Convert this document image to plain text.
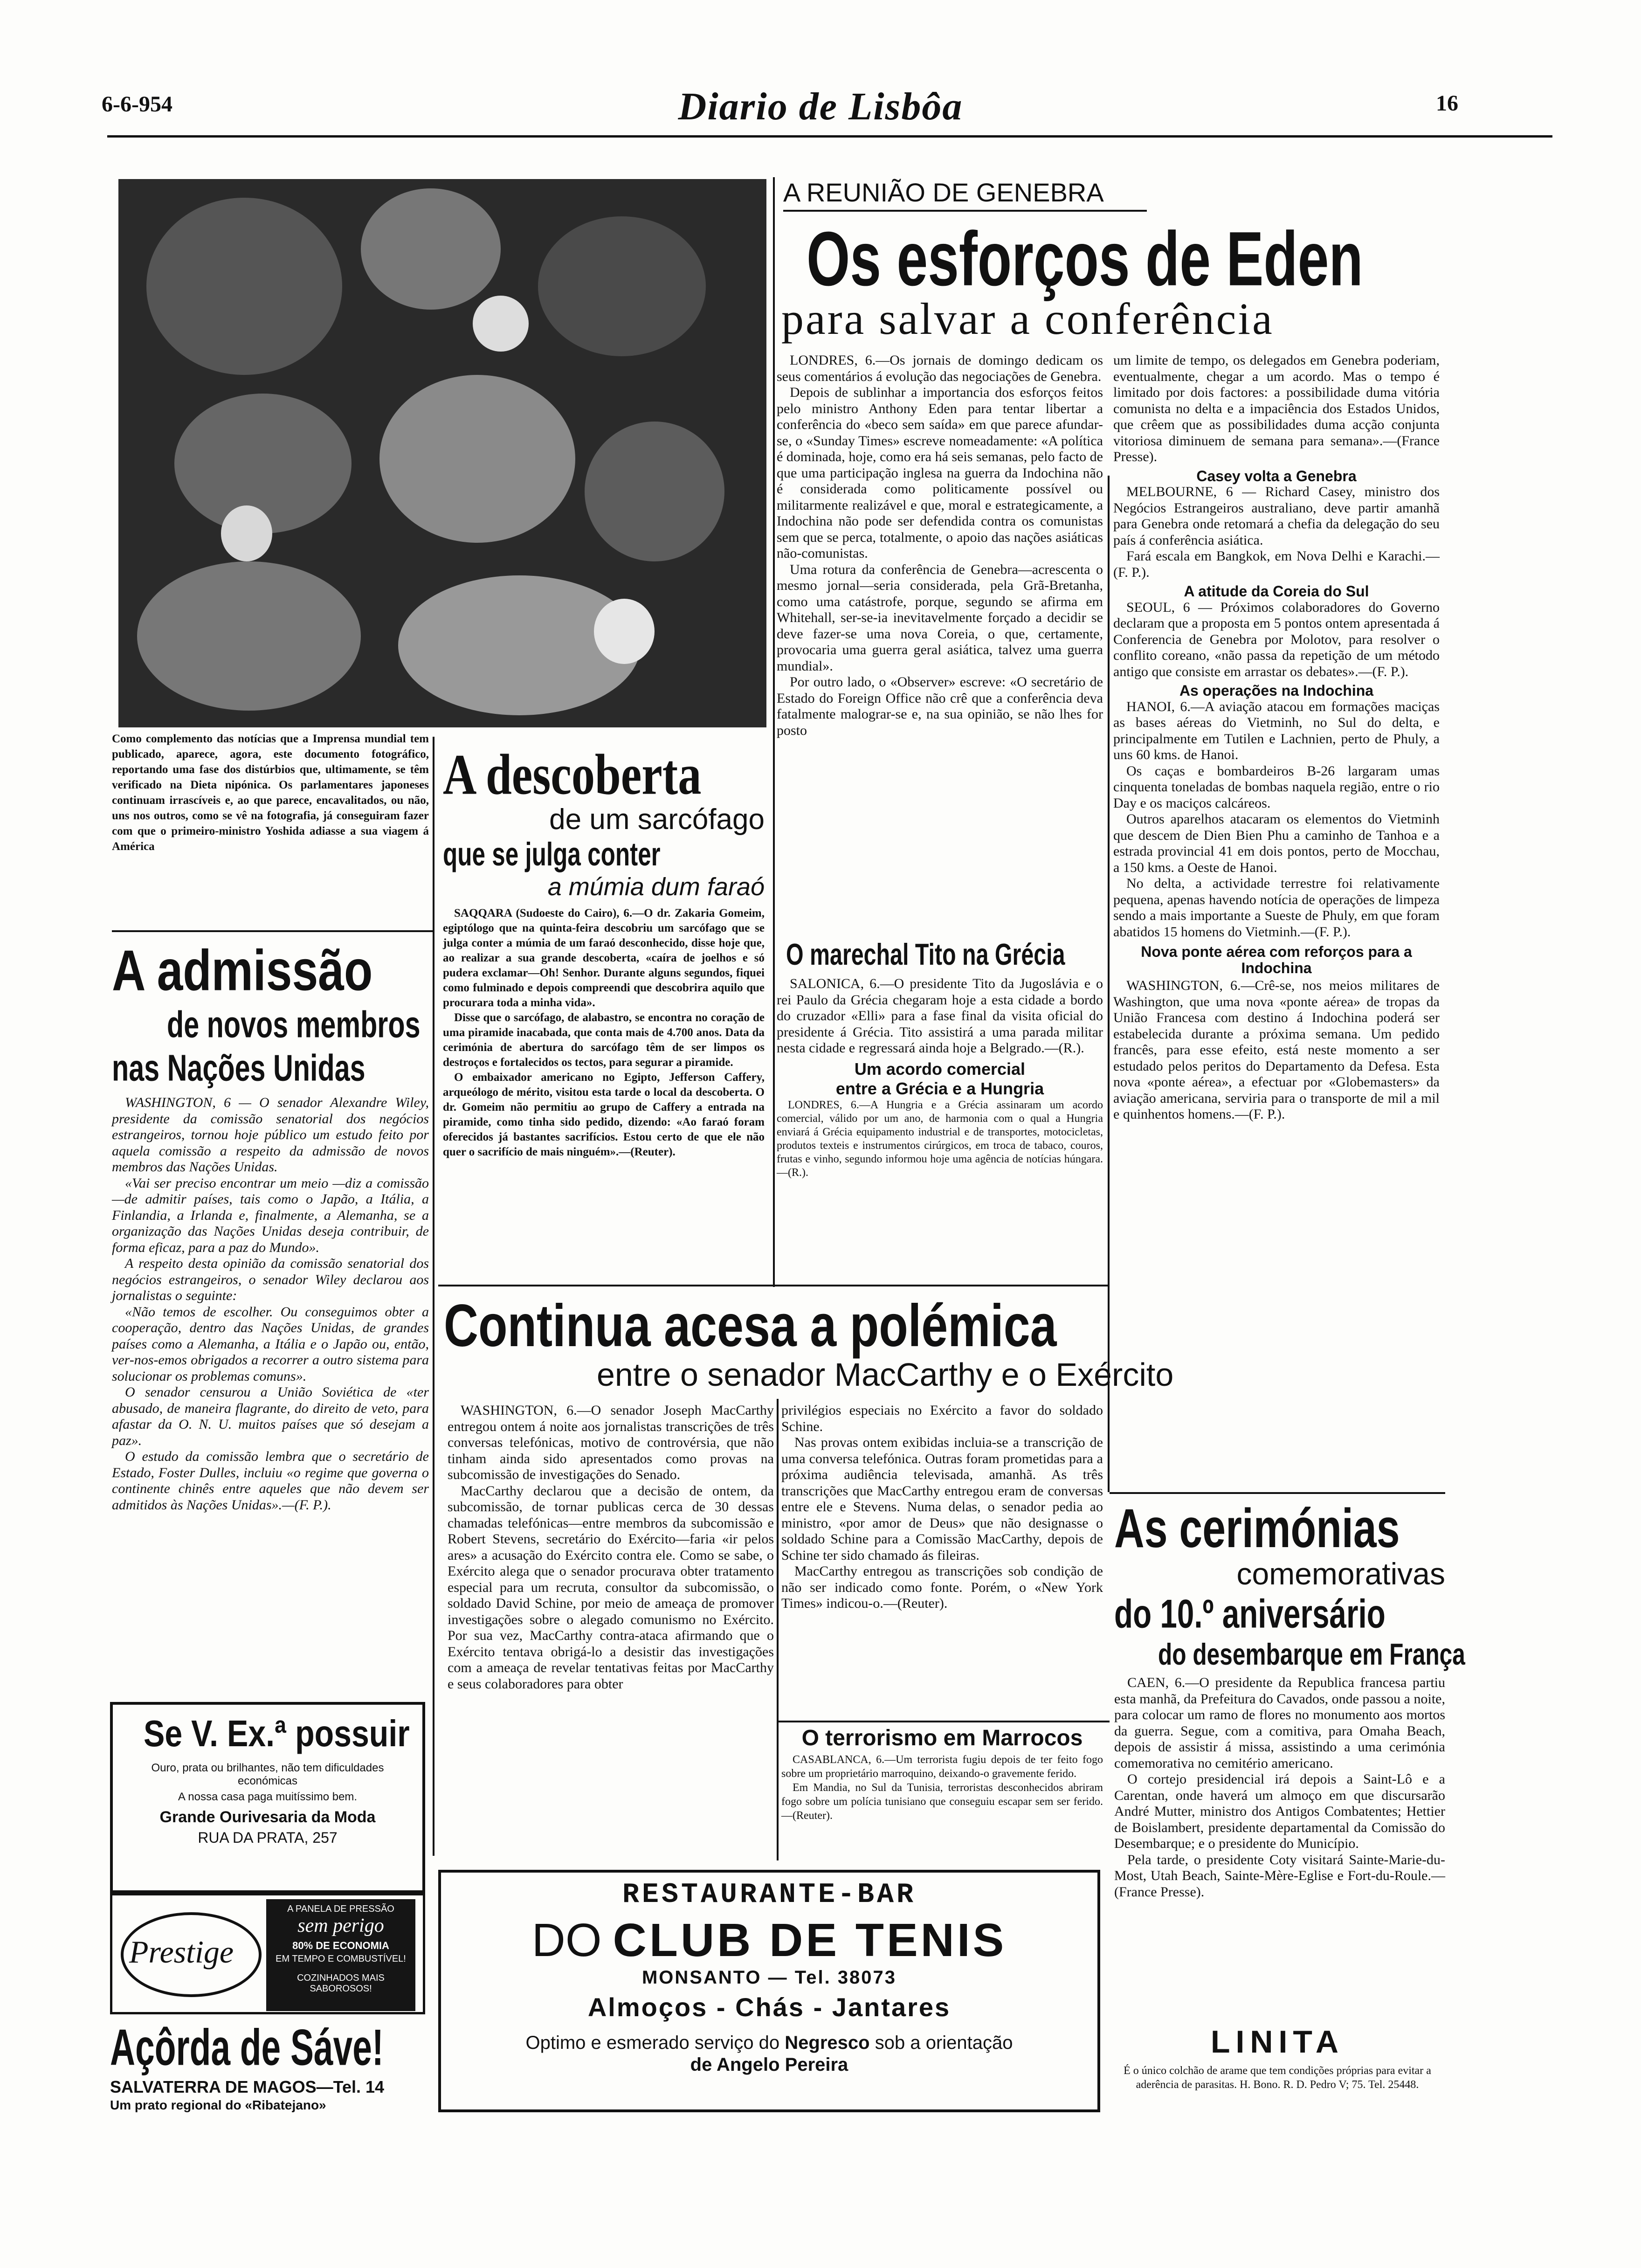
6-6-954	Diario de Lisbôa	16
Como complemento das notícias que a Imprensa mundial tem publicado, aparece, agora, este documento fotográfico, reportando uma fase dos distúrbios que, ultimamente, se têm verificado na Dieta nipónica. Os parlamentares japoneses continuam irrascíveis e, ao que parece, encavalitados, ou não, uns nos outros, como se vê na fotografia, já conseguiram fazer com que o primeiro-ministro Yoshida adiasse a sua viagem á América
A REUNIÃO DE GENEBRA
Os esforços de Eden
para salvar a conferência

LONDRES, 6.—Os jornais de domingo dedicam os seus comentários á evolução das negociações de Genebra.

Depois de sublinhar a importancia dos esforços feitos pelo ministro Anthony Eden para tentar libertar a conferência do «beco sem saída» em que parece afundar-se, o «Sunday Times» escreve nomeadamente: «A política é dominada, hoje, como era há seis semanas, pelo facto de que uma participação inglesa na guerra da Indochina não é considerada como politicamente possível ou militarmente realizável e que, moral e estrategicamente, a Indochina não pode ser defendida contra os comunistas sem que se perca, totalmente, o apoio das nações asiáticas não-comunistas.

Uma rotura da conferência de Genebra—acrescenta o mesmo jornal—seria considerada, pela Grã-Bretanha, como uma catástrofe, porque, segundo se afirma em Whitehall, ser-se-ia inevitavelmente forçado a decidir se deve fazer-se uma nova Coreia, o que, certamente, provocaria uma guerra geral asiática, talvez uma guerra mundial».

Por outro lado, o «Observer» escreve: «O secretário de Estado do Foreign Office não crê que a conferência deva fatalmente malograr-se e, na sua opinião, se não lhes for posto

um limite de tempo, os delegados em Genebra poderiam, eventualmente, chegar a um acordo. Mas o tempo é limitado por dois factores: a possibilidade duma vitória comunista no delta e a impaciência dos Estados Unidos, que crêem que as possibilidades duma acção conjunta vitoriosa diminuem de semana para semana».—(France Presse).

Casey volta a Genebra

MELBOURNE, 6 — Richard Casey, ministro dos Negócios Estrangeiros australiano, deve partir amanhã para Genebra onde retomará a chefia da delegação do seu país á conferência asiática.

Fará escala em Bangkok, em Nova Delhi e Karachi.—(F. P.).

A atitude da Coreia do Sul

SEOUL, 6 — Próximos colaboradores do Governo declaram que a proposta em 5 pontos ontem apresentada á Conferencia de Genebra por Molotov, para resolver o conflito coreano, «não passa da repetição de um método antigo que consiste em arrastar os debates».—(F. P.).

As operações na Indochina

HANOI, 6.—A aviação atacou em formações maciças as bases aéreas do Vietminh, no Sul do delta, e principalmente em Tutilen e Lachnien, perto de Phuly, a uns 60 kms. de Hanoi.

Os caças e bombardeiros B-26 largaram umas cinquenta toneladas de bombas naquela região, entre o rio Day e os maciços calcáreos.

Outros aparelhos atacaram os elementos do Vietminh que descem de Dien Bien Phu a caminho de Tanhoa e a estrada provincial 41 em dois pontos, perto de Mocchau, a 150 kms. a Oeste de Hanoi.

No delta, a actividade terrestre foi relativamente pequena, apenas havendo notícia de operações de limpeza sendo a mais importante a Sueste de Phuly, em que foram abatidos 15 homens do Vietminh.—(F. P.).

Nova ponte aérea com reforços para a Indochina

WASHINGTON, 6.—Crê-se, nos meios militares de Washington, que uma nova «ponte aérea» de tropas da União Francesa com destino á Indochina poderá ser estabelecida durante a próxima semana. Um pedido francês, para esse efeito, está neste momento a ser estudado pelos peritos do Departamento da Defesa. Esta nova «ponte aérea», a efectuar por «Globemasters» da aviação americana, serviria para o transporte de mil a mil e quinhentos homens.—(F. P.).

A descoberta
de um sarcófago
que se julga conter
a múmia dum faraó

SAQQARA (Sudoeste do Cairo), 6.—O dr. Zakaria Gomeim, egiptólogo que na quinta-feira descobriu um sarcófago que se julga conter a múmia de um faraó desconhecido, disse hoje que, ao realizar a sua grande descoberta, «caíra de joelhos e só pudera exclamar—Oh! Senhor. Durante alguns segundos, fiquei como fulminado e depois compreendi que descobrira aquilo que procurara toda a minha vida».

Disse que o sarcófago, de alabastro, se encontra no coração de uma piramide inacabada, que conta mais de 4.700 anos. Data da cerimónia de abertura do sarcófago têm de ser limpos os destroços e fortalecidos os tectos, para segurar a piramide.

O embaixador americano no Egipto, Jefferson Caffery, arqueólogo de mérito, visitou esta tarde o local da descoberta. O dr. Gomeim não permitiu ao grupo de Caffery a entrada na piramide, como tinha sido pedido, dizendo: «Ao faraó foram oferecidos já bastantes sacrifícios. Estou certo de que ele não quer o sacrifício de mais ninguém».—(Reuter).

O marechal Tito na Grécia

SALONICA, 6.—O presidente Tito da Jugoslávia e o rei Paulo da Grécia chegaram hoje a esta cidade a bordo do cruzador «Elli» para a fase final da visita oficial do presidente á Grécia. Tito assistirá a uma parada militar nesta cidade e regressará ainda hoje a Belgrado.—(R.).

Um acordo comercial
entre a Grécia e a Hungria

LONDRES, 6.—A Hungria e a Grécia assinaram um acordo comercial, válido por um ano, de harmonia com o qual a Hungria enviará á Grécia equipamento industrial e de transportes, motocicletas, produtos texteis e instrumentos cirúrgicos, em troca de tabaco, couros, frutas e vinho, segundo informou hoje uma agência de notícias húngara.—(R.).

A admissão
de novos membros
nas Nações Unidas

WASHINGTON, 6 — O senador Alexandre Wiley, presidente da comissão senatorial dos negócios estrangeiros, tornou hoje público um estudo feito por aquela comissão a respeito da admissão de novos membros das Nações Unidas.

«Vai ser preciso encontrar um meio —diz a comissão—de admitir países, tais como o Japão, a Itália, a Finlandia, a Irlanda e, finalmente, a Alemanha, se a organização das Nações Unidas deseja contribuir, de forma eficaz, para a paz do Mundo».

A respeito desta opinião da comissão senatorial dos negócios estrangeiros, o senador Wiley declarou aos jornalistas o seguinte:

«Não temos de escolher. Ou conseguimos obter a cooperação, dentro das Nações Unidas, de grandes países como a Alemanha, a Itália e o Japão ou, então, ver-nos-emos obrigados a recorrer a outro sistema para solucionar os problemas comuns».

O senador censurou a União Soviética de «ter abusado, de maneira flagrante, do direito de veto, para afastar da O. N. U. muitos países que só desejam a paz».

O estudo da comissão lembra que o secretário de Estado, Foster Dulles, incluiu «o regime que governa o continente chinês entre aqueles que não devem ser admitidos às Nações Unidas».—(F. P.).

Continua acesa a polémica
entre o senador MacCarthy e o Exército

WASHINGTON, 6.—O senador Joseph MacCarthy entregou ontem á noite aos jornalistas transcrições de três conversas telefónicas, motivo de controvérsia, que não tinham ainda sido apresentados como provas na subcomissão de investigações do Senado.

MacCarthy declarou que a decisão de ontem, da subcomissão, de tornar publicas cerca de 30 dessas chamadas telefónicas—entre membros da subcomissão e Robert Stevens, secretário do Exército—faria «ir pelos ares» a acusação do Exército contra ele. Como se sabe, o Exército alega que o senador procurava obter tratamento especial para um recruta, consultor da subcomissão, o soldado David Schine, por meio de ameaça de promover investigações sobre o alegado comunismo no Exército. Por sua vez, MacCarthy contra-ataca afirmando que o Exército tentava obrigá-lo a desistir das investigações com a ameaça de revelar tentativas feitas por MacCarthy e seus colaboradores para obter

privilégios especiais no Exército a favor do soldado Schine.

Nas provas ontem exibidas incluia-se a transcrição de uma conversa telefónica. Outras foram prometidas para a próxima audiência televisada, amanhã. As três transcrições que MacCarthy entregou eram de conversas entre ele e Stevens. Numa delas, o senador pedia ao ministro, «por amor de Deus» que não designasse o soldado Schine para a Comissão MacCarthy, depois de Schine ter sido chamado ás fileiras.

MacCarthy entregou as transcrições sob condição de não ser indicado como fonte. Porém, o «New York Times» indicou-o.—(Reuter).

O terrorismo em Marrocos

CASABLANCA, 6.—Um terrorista fugiu depois de ter feito fogo sobre um proprietário marroquino, deixando-o gravemente ferido.

Em Mandia, no Sul da Tunisia, terroristas desconhecidos abriram fogo sobre um polícia tunisiano que conseguiu escapar sem ser ferido.—(Reuter).

As cerimónias
comemorativas
do 10.º aniversário
do desembarque em França

CAEN, 6.—O presidente da Republica francesa partiu esta manhã, da Prefeitura do Cavados, onde passou a noite, para colocar um ramo de flores no monumento aos mortos da guerra. Segue, com a comitiva, para Omaha Beach, depois de assistir á missa, assistindo a uma cerimónia comemorativa no cemitério americano.

O cortejo presidencial irá depois a Saint-Lô e a Carentan, onde haverá um almoço em que discursarão André Mutter, ministro dos Antigos Combatentes; Hettier de Boislambert, presidente departamental da Comissão do Desembarque; e o presidente do Município.

Pela tarde, o presidente Coty visitará Sainte-Marie-du-Most, Utah Beach, Sainte-Mère-Eglise e Fort-du-Roule.—(France Presse).

Se V. Ex.ª possuir
Ouro, prata ou brilhantes, não tem dificuldades económicas
A nossa casa paga muitíssimo bem.
Grande Ourivesaria da Moda
RUA DA PRATA, 257
Prestige
A PANELA DE PRESSÃO
sem perigo
80% DE ECONOMIA
EM TEMPO E COMBUSTÍVEL!
COZINHADOS MAIS SABOROSOS!
Açôrda de Sáve!
SALVATERRA DE MAGOS—Tel. 14
Um prato regional do «Ribatejano»
RESTAURANTE-BAR
DO CLUB DE TENIS
MONSANTO — Tel. 38073
Almoços - Chás - Jantares
Optimo e esmerado serviço do Negresco sob a orientação
de Angelo Pereira
LINITA
É o único colchão de arame que tem condições próprias para evitar a aderência de parasitas. H. Bono. R. D. Pedro V; 75. Tel. 25448.
